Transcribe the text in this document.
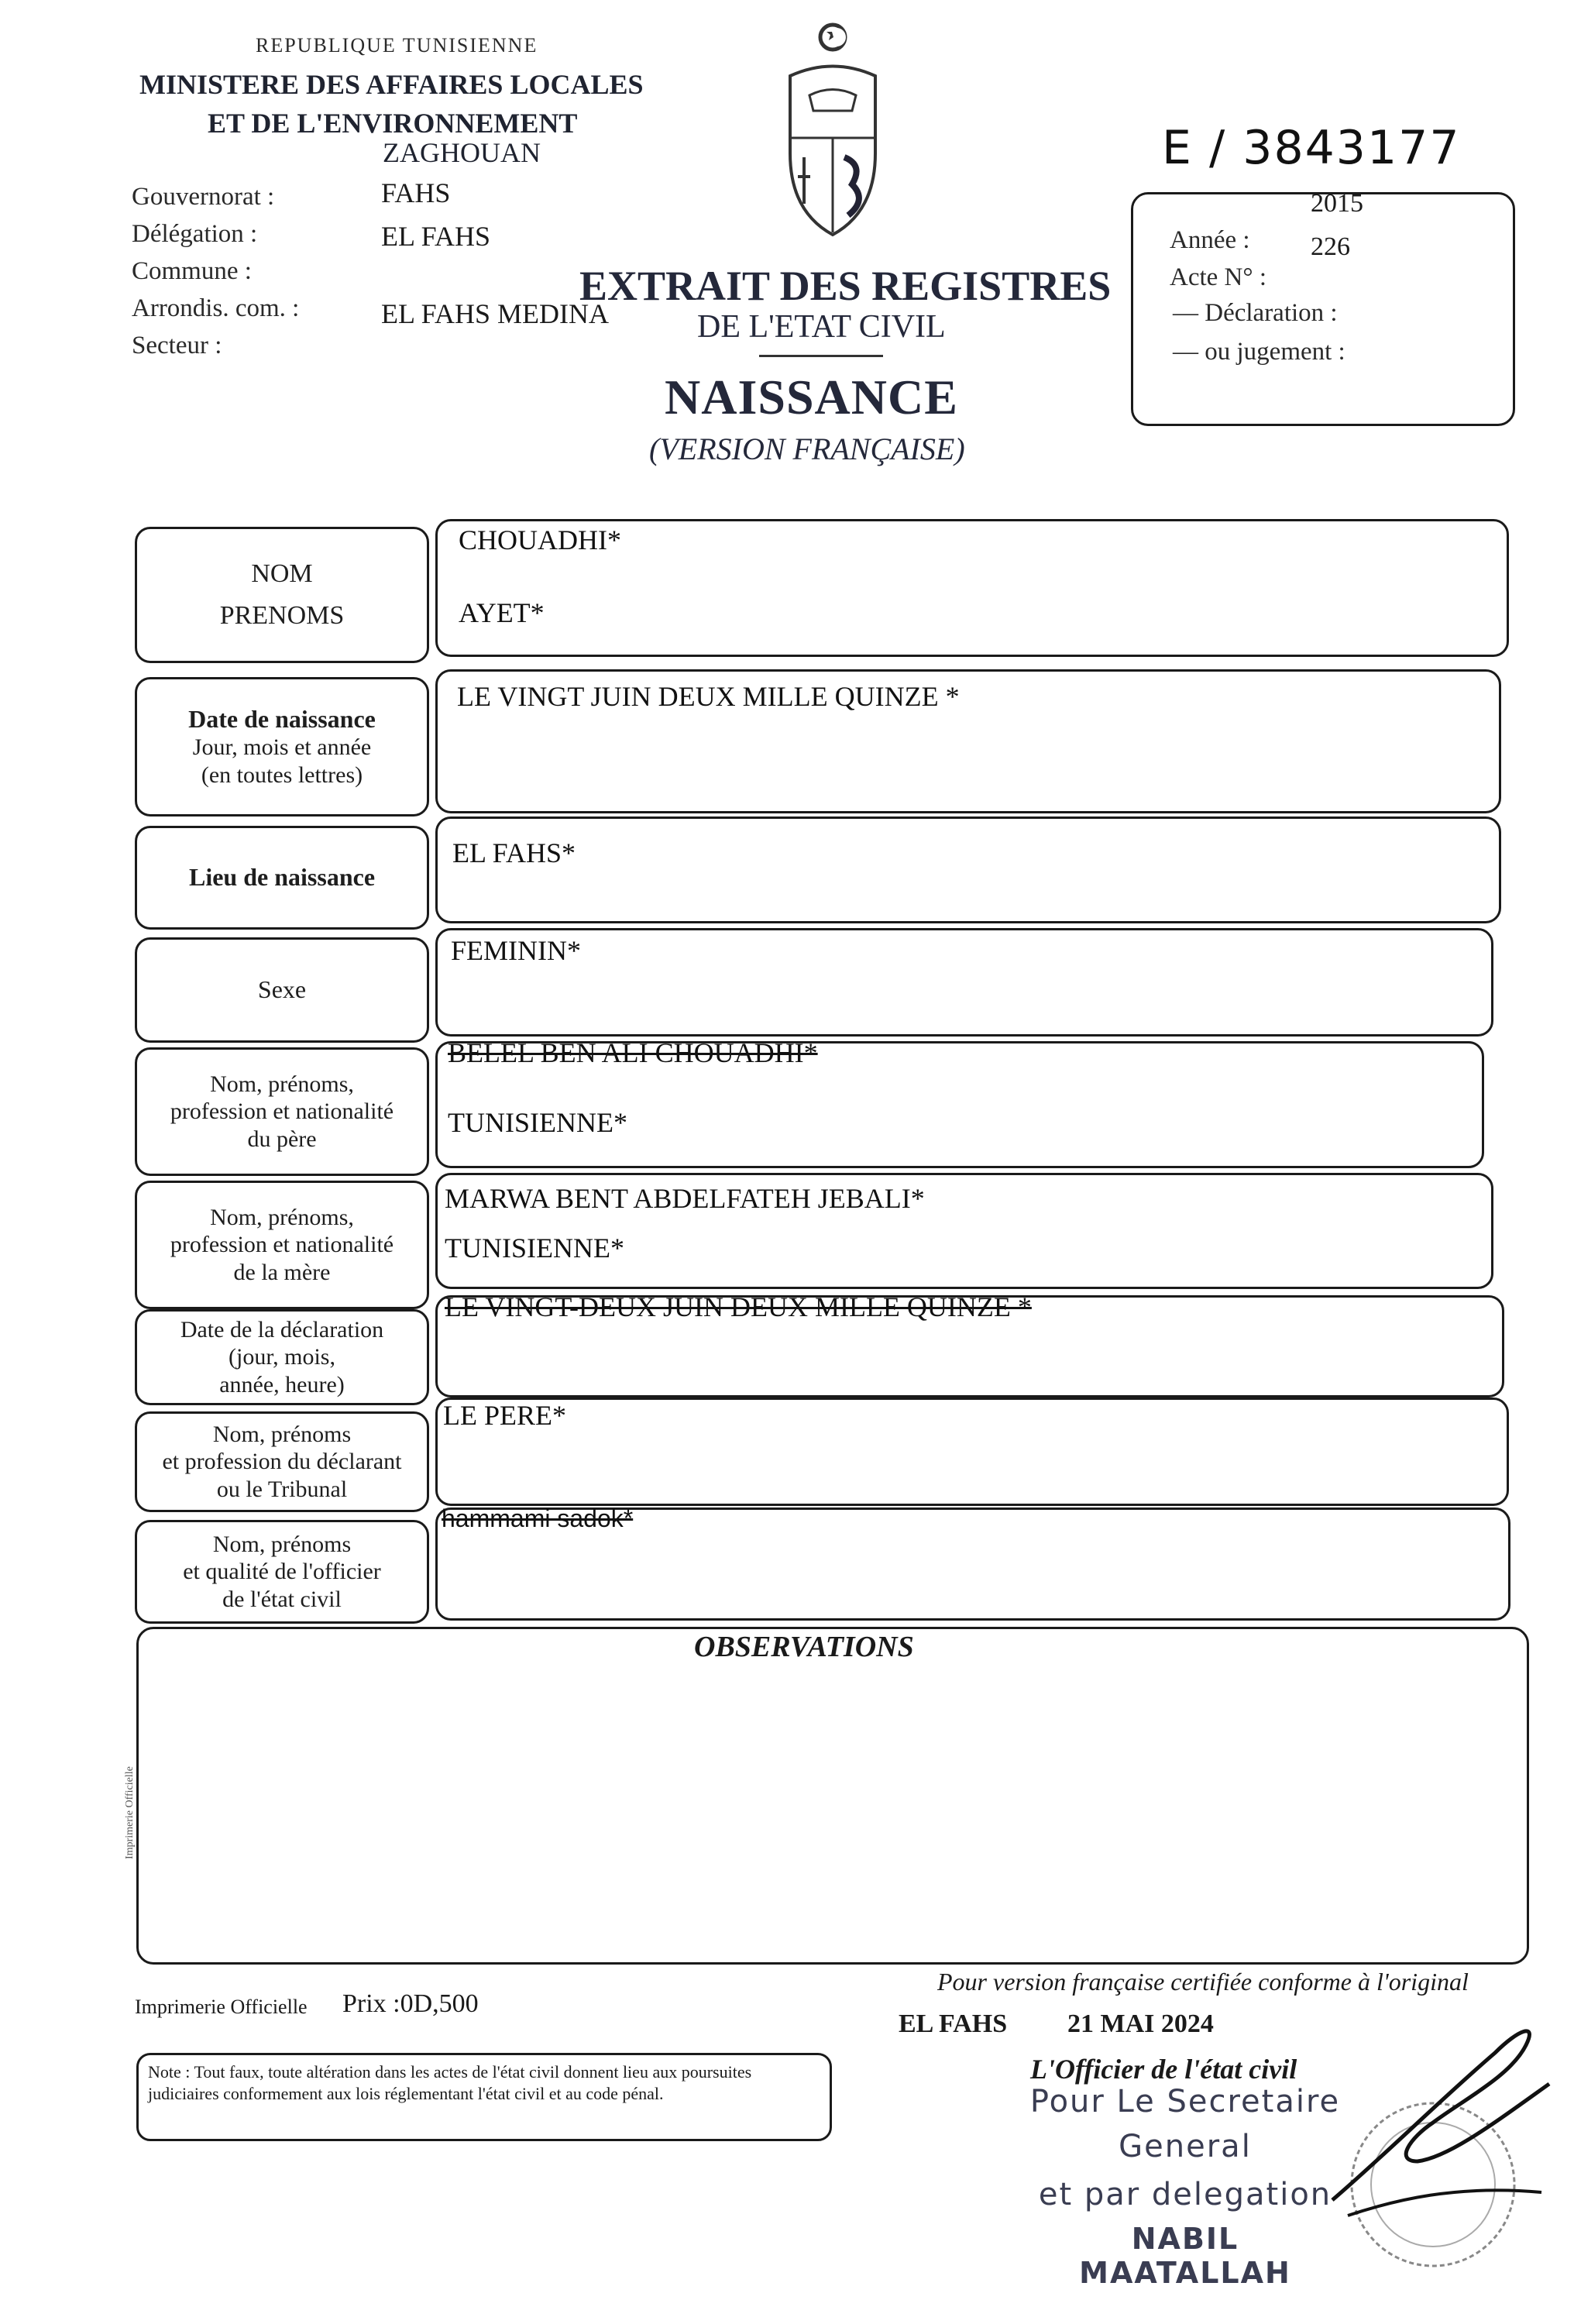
REPUBLIQUE TUNISIENNE
MINISTERE DES AFFAIRES LOCALES
ET DE L'ENVIRONNEMENT
ZAGHOUAN
Gouvernorat :	FAHS
Délégation :	EL FAHS
Commune :
Arrondis. com. :	EL FAHS MEDINA
Secteur :
EXTRAIT DES REGISTRES
DE L'ETAT CIVIL
NAISSANCE
(VERSION FRANÇAISE)
E / 3843177
Année :
2015
Acte N° :
226
— Déclaration :
— ou jugement :
NOM
PRENOMS
CHOUADHI*
AYET*
Date de naissance
Jour, mois et année
(en toutes lettres)
LE VINGT JUIN DEUX MILLE QUINZE *
Lieu de naissance
EL FAHS*
Sexe
FEMININ*
Nom, prénoms,
profession et nationalité
du père
BELEL BEN ALI CHOUADHI*
TUNISIENNE*
Nom, prénoms,
profession et nationalité
de la mère
MARWA BENT ABDELFATEH JEBALI*
TUNISIENNE*
Date de la déclaration
(jour, mois,
année, heure)
LE VINGT-DEUX JUIN DEUX MILLE QUINZE *
Nom, prénoms
et profession du déclarant
ou le Tribunal
LE PERE*
Nom, prénoms
et qualité de l'officier
de l'état civil
hammami sadok*
OBSERVATIONS
Imprimerie Officielle
Imprimerie Officielle Prix :0D,500
Pour version française certifiée conforme à l'original
EL FAHS 21 MAI 2024
L'Officier de l'état civil
Note : Tout faux, toute altération dans les actes de l'état civil donnent lieu aux poursuites judiciaires conformement aux lois réglementant l'état civil et au code pénal.	Pour Le Secretaire
General
et par delegation
NABIL MAATALLAH
